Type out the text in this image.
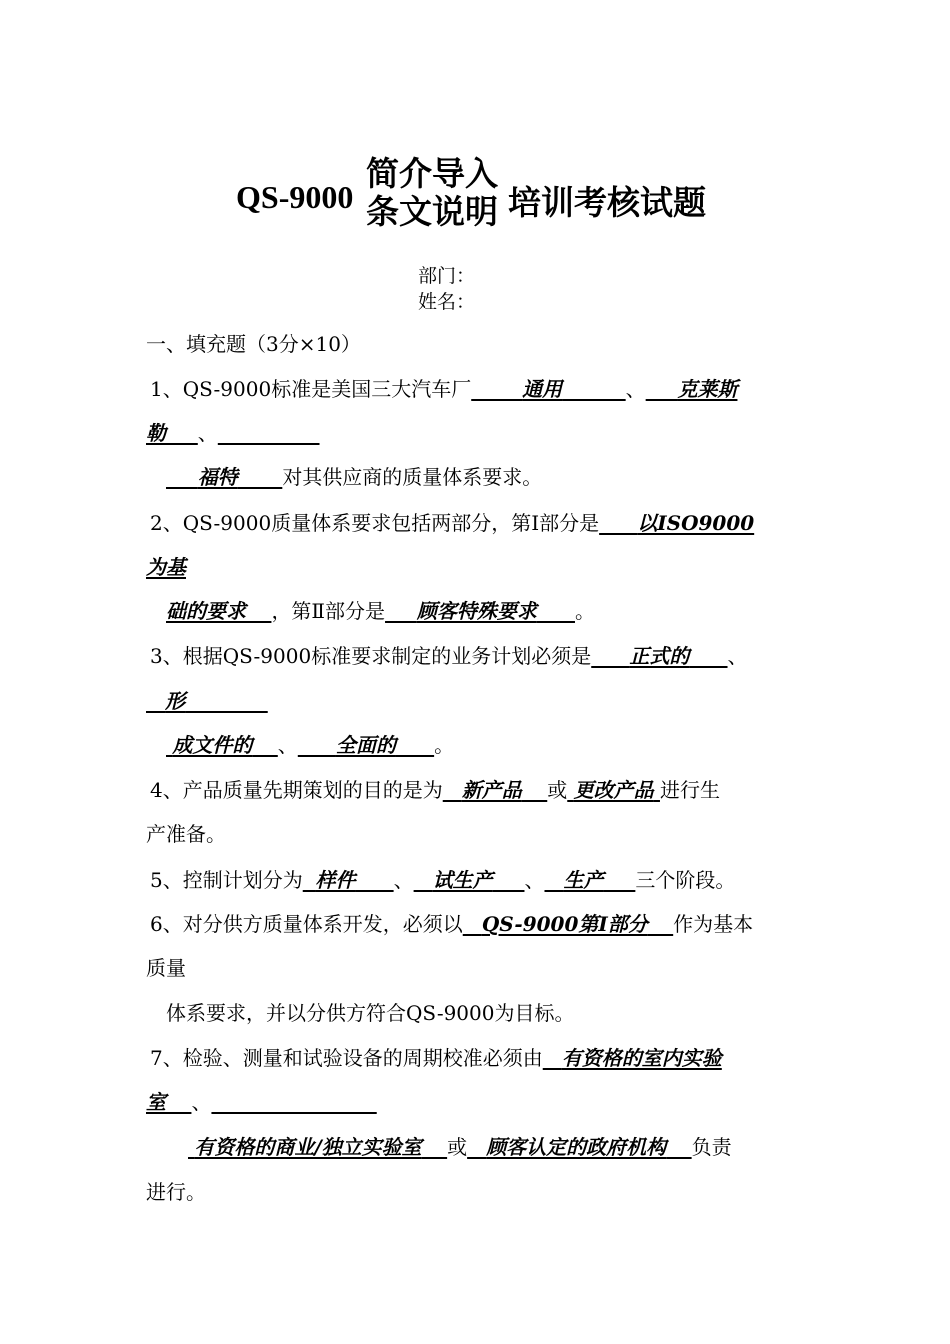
QS-9000
简介导入
条文说明 培训考核试题
部门：
姓名：
一、填充题（3分×10）
1、QS-9000标准是美国三大汽车厂	通用	、 克莱斯
勒 、
福特 对其供应商的质量体系要求。
2、QS-9000质量体系要求包括两部分，第Ⅰ部分是 以ISO9000
为基
础的要求 ，第Ⅱ部分是 顾客特殊要求 。
3、根据QS-9000标准要求制定的业务计划必须是 正式的 、
形
成文件的 、 全面的 。
4、产品质量先期策划的目的是为 新产品 或 更改产品 进行生
产准备。
5、控制计划分为 样件 、 试生产 、 生产 三个阶段。
6、对分供方质量体系开发，必须以 QS-9000第Ⅰ部分 作为基本
质量
体系要求，并以分供方符合QS-9000为目标。
7、检验、测量和试验设备的周期校准必须由 有资格的室内实验
室 、
有资格的商业/独立实验室 或 顾客认定的政府机构 负责
进行。
